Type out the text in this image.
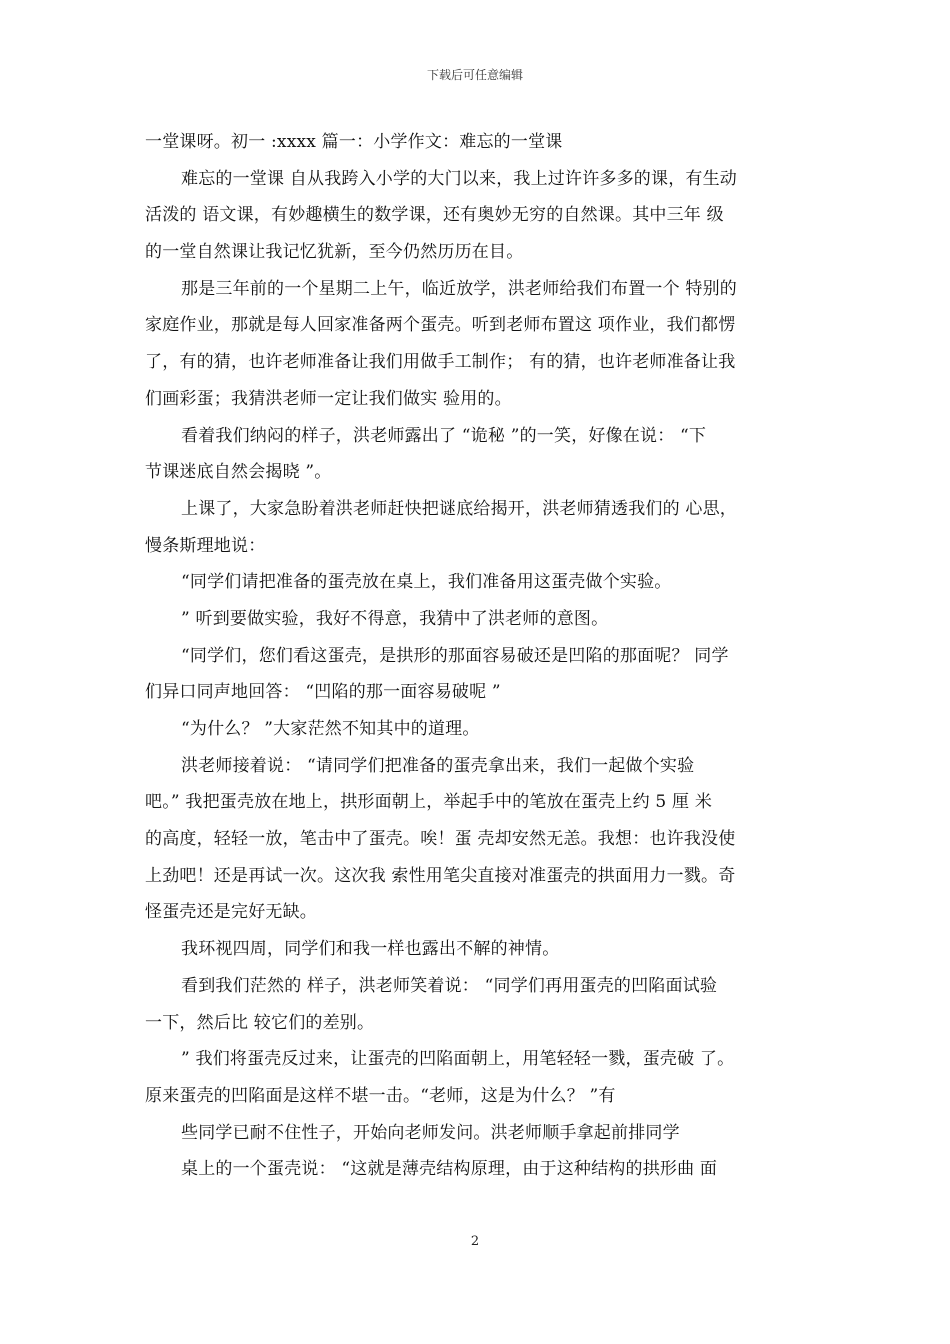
下载后可任意编辑
一堂课呀。初一 :xxxx 篇一：小学作文：难忘的一堂课
难忘的一堂课 自从我跨入小学的大门以来，我上过许许多多的课，有生动
活泼的 语文课，有妙趣横生的数学课，还有奥妙无穷的自然课。其中三年 级
的一堂自然课让我记忆犹新，至今仍然历历在目。
那是三年前的一个星期二上午，临近放学，洪老师给我们布置一个 特别的
家庭作业，那就是每人回家准备两个蛋壳。听到老师布置这 项作业，我们都愣
了，有的猜，也许老师准备让我们用做手工制作； 有的猜，也许老师准备让我
们画彩蛋；我猜洪老师一定让我们做实 验用的。
看着我们纳闷的样子，洪老师露出了 “诡秘 ”的一笑，好像在说： “下
节课迷底自然会揭晓 ”。
上课了，大家急盼着洪老师赶快把谜底给揭开，洪老师猜透我们的 心思，
慢条斯理地说：
“同学们请把准备的蛋壳放在桌上，我们准备用这蛋壳做个实验。
” 听到要做实验，我好不得意，我猜中了洪老师的意图。
“同学们，您们看这蛋壳，是拱形的那面容易破还是凹陷的那面呢？ 同学
们异口同声地回答： “凹陷的那一面容易破呢 ”
“为什么？ ”大家茫然不知其中的道理。
洪老师接着说： “请同学们把准备的蛋壳拿出来，我们一起做个实验
吧。” 我把蛋壳放在地上，拱形面朝上，举起手中的笔放在蛋壳上约 5 厘 米
的高度，轻轻一放，笔击中了蛋壳。唉！蛋 壳却安然无恙。我想：也许我没使
上劲吧！还是再试一次。这次我 索性用笔尖直接对准蛋壳的拱面用力一戮。奇
怪蛋壳还是完好无缺。
我环视四周，同学们和我一样也露出不解的神情。
看到我们茫然的 样子，洪老师笑着说： “同学们再用蛋壳的凹陷面试验
一下，然后比 较它们的差别。
” 我们将蛋壳反过来，让蛋壳的凹陷面朝上，用笔轻轻一戮，蛋壳破 了。
原来蛋壳的凹陷面是这样不堪一击。“老师，这是为什么？ ”有
些同学已耐不住性子，开始向老师发问。洪老师顺手拿起前排同学
桌上的一个蛋壳说： “这就是薄壳结构原理，由于这种结构的拱形曲 面
2
